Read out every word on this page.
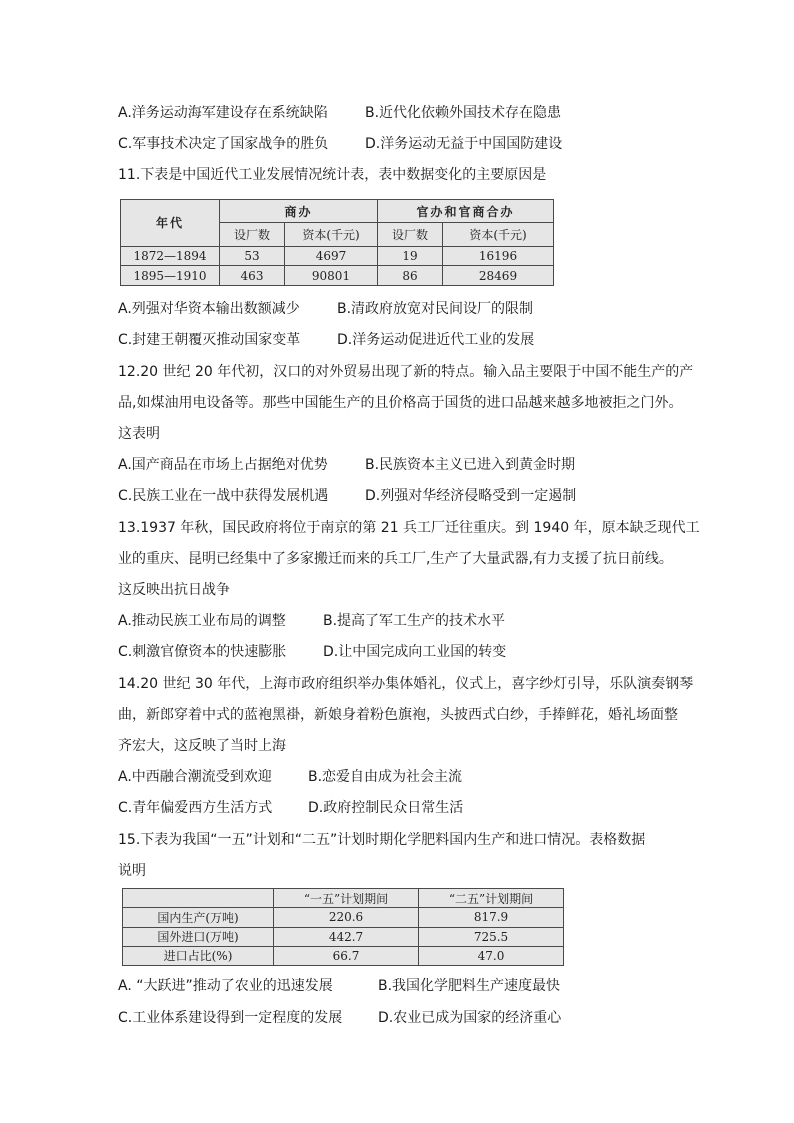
A.洋务运动海军建设存在系统缺陷	B.近代化依赖外国技术存在隐患
C.军事技术决定了国家战争的胜负	D.洋务运动无益于中国国防建设
11.下表是中国近代工业发展情况统计表，表中数据变化的主要原因是
年代	商办		官办和官商合办	
	设厂数	资本(千元)	设厂数	资本(千元)
1872—1894	53	4697	19	16196
1895—1910	463	90801	86	28469
A.列强对华资本输出数额减少	B.清政府放宽对民间设厂的限制
C.封建王朝覆灭推动国家变革	D.洋务运动促进近代工业的发展
12.20 世纪 20 年代初，汉口的对外贸易出现了新的特点。输入品主要限于中国不能生产的产
品,如煤油用电设备等。那些中国能生产的且价格高于国货的进口品越来越多地被拒之门外。
这表明
A.国产商品在市场上占据绝对优势	B.民族资本主义已进入到黄金时期
C.民族工业在一战中获得发展机遇	D.列强对华经济侵略受到一定遏制
13.1937 年秋，国民政府将位于南京的第 21 兵工厂迁往重庆。到 1940 年，原本缺乏现代工
业的重庆、昆明已经集中了多家搬迁而来的兵工厂,生产了大量武器,有力支援了抗日前线。
这反映出抗日战争
A.推动民族工业布局的调整	B.提高了军工生产的技术水平
C.刺激官僚资本的快速膨胀	D.让中国完成向工业国的转变
14.20 世纪 30 年代，上海市政府组织举办集体婚礼，仪式上，喜字纱灯引导，乐队演奏钢琴
曲，新郎穿着中式的蓝袍黑褂，新娘身着粉色旗袍，头披西式白纱，手捧鲜花，婚礼场面整
齐宏大，这反映了当时上海
A.中西融合潮流受到欢迎	B.恋爱自由成为社会主流
C.青年偏爱西方生活方式	D.政府控制民众日常生活
15.下表为我国“一五”计划和“二五”计划时期化学肥料国内生产和进口情况。表格数据
说明
	“一五”计划期间	“二五”计划期间
国内生产(万吨)	220.6	817.9
国外进口(万吨)	442.7	725.5
进口占比(%)	66.7	47.0
A. “大跃进”推动了农业的迅速发展	B.我国化学肥料生产速度最快
C.工业体系建设得到一定程度的发展	D.农业已成为国家的经济重心
